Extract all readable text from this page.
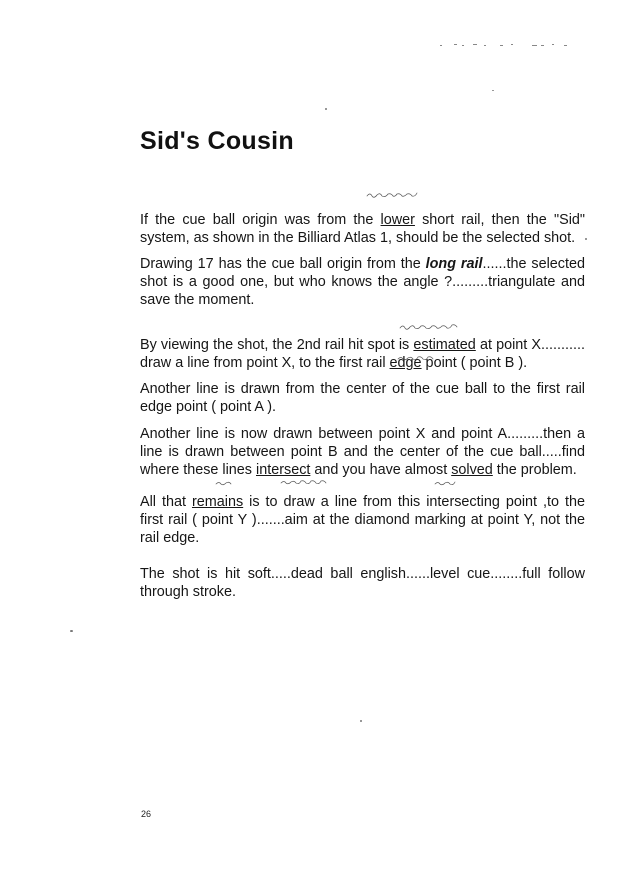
Sid's Cousin

If the cue ball origin was from the lower short rail, then the "Sid" system, as shown in the Billiard Atlas 1, should be the selected shot.

Drawing 17 has the cue ball origin from the long rail......the selected shot is a good one, but who knows the angle ?.........triangulate and save the moment.

By viewing the shot, the 2nd rail hit spot is estimated at point X........... draw a line from point X, to the first rail edge point ( point B ).

Another line is drawn from the center of the cue ball to the first rail edge point ( point A ).

Another line is now drawn between point X and point A.........then a line is drawn between point B and the center of the cue ball.....find where these lines intersect and you have almost solved the problem.

All that remains is to draw a line from this intersecting point ,to the first rail ( point Y ).......aim at the diamond marking at point Y, not the rail edge.

The shot is hit soft.....dead ball english......level cue........full follow through stroke.

26
